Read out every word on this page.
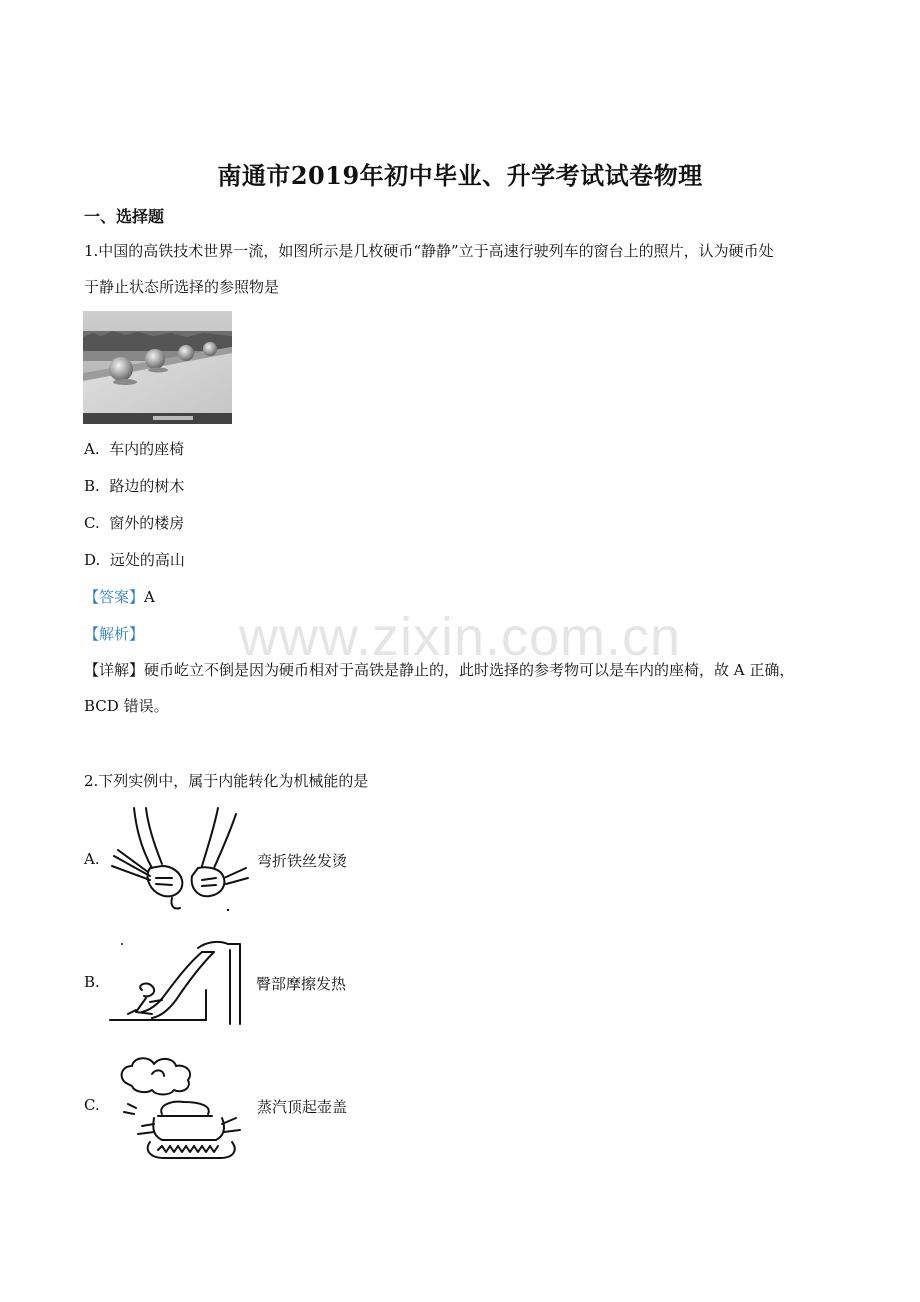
南通市2019年初中毕业、升学考试试卷物理
一、选择题
1.中国的高铁技术世界一流，如图所示是几枚硬币“静静”立于高速行驶列车的窗台上的照片，认为硬币处
于静止状态所选择的参照物是
A. 车内的座椅
B. 路边的树木
C. 窗外的楼房
D. 远处的高山
【答案】A
【解析】	www.zixin.com.cn
【详解】硬币屹立不倒是因为硬币相对于高铁是静止的，此时选择的参考物可以是车内的座椅，故 A 正确，
BCD 错误。
2.下列实例中，属于内能转化为机械能的是
A.	弯折铁丝发烫
B.	臀部摩擦发热
C.	蒸汽顶起壶盖
